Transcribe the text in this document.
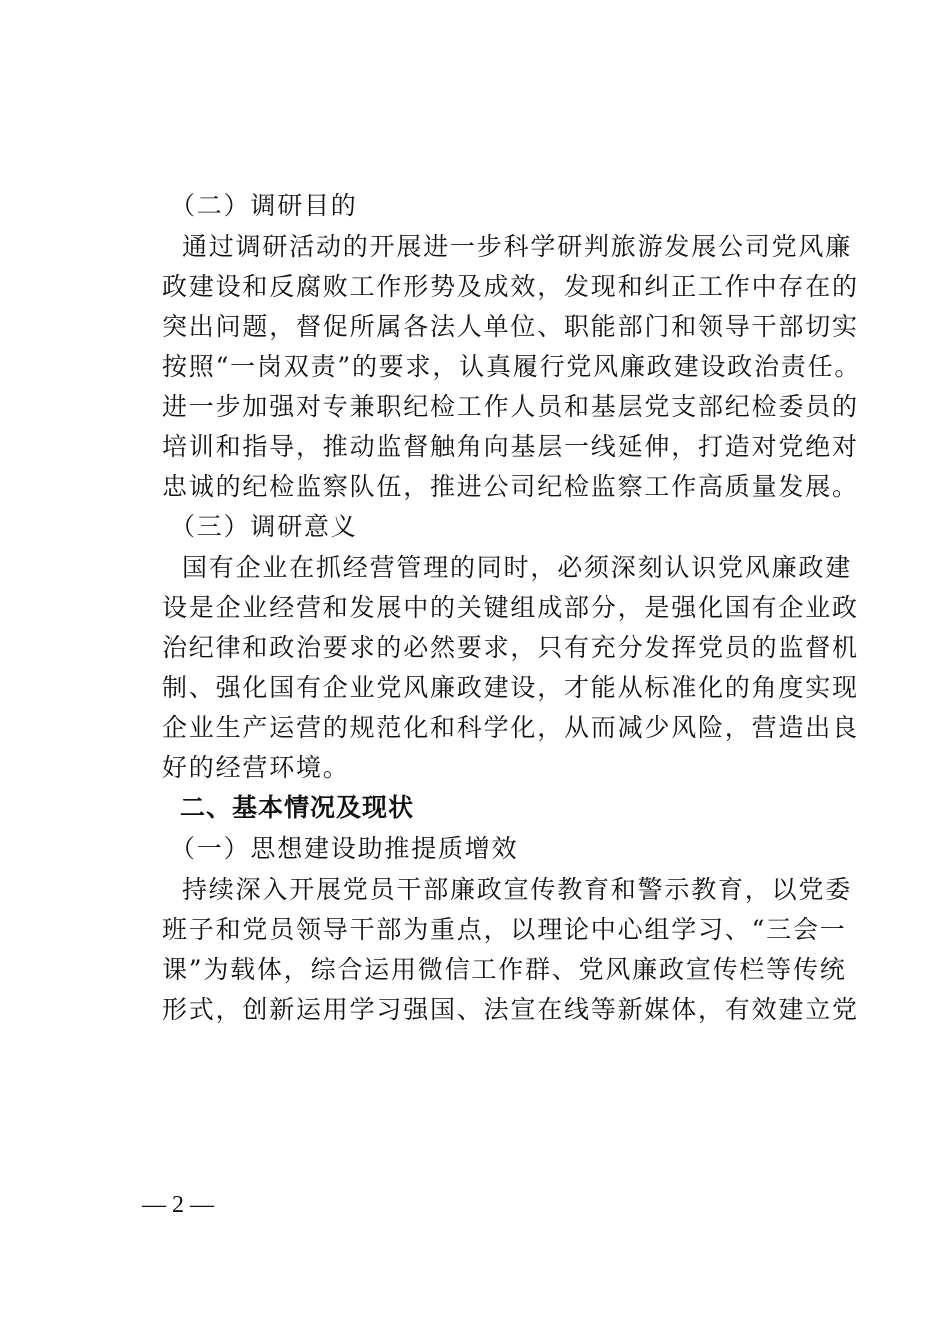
（二）调研目的
通过调研活动的开展进一步科学研判旅游发展公司党风廉
政建设和反腐败工作形势及成效，发现和纠正工作中存在的
突出问题，督促所属各法人单位、职能部门和领导干部切实
按照“一岗双责”的要求，认真履行党风廉政建设政治责任。
进一步加强对专兼职纪检工作人员和基层党支部纪检委员的
培训和指导，推动监督触角向基层一线延伸，打造对党绝对
忠诚的纪检监察队伍，推进公司纪检监察工作高质量发展。
（三）调研意义
国有企业在抓经营管理的同时，必须深刻认识党风廉政建
设是企业经营和发展中的关键组成部分，是强化国有企业政
治纪律和政治要求的必然要求，只有充分发挥党员的监督机
制、强化国有企业党风廉政建设，才能从标准化的角度实现
企业生产运营的规范化和科学化，从而减少风险，营造出良
好的经营环境。
二、基本情况及现状
（一）思想建设助推提质增效
持续深入开展党员干部廉政宣传教育和警示教育，以党委
班子和党员领导干部为重点，以理论中心组学习、“三会一
课”为载体，综合运用微信工作群、党风廉政宣传栏等传统
形式，创新运用学习强国、法宣在线等新媒体，有效建立党
— 2 —
